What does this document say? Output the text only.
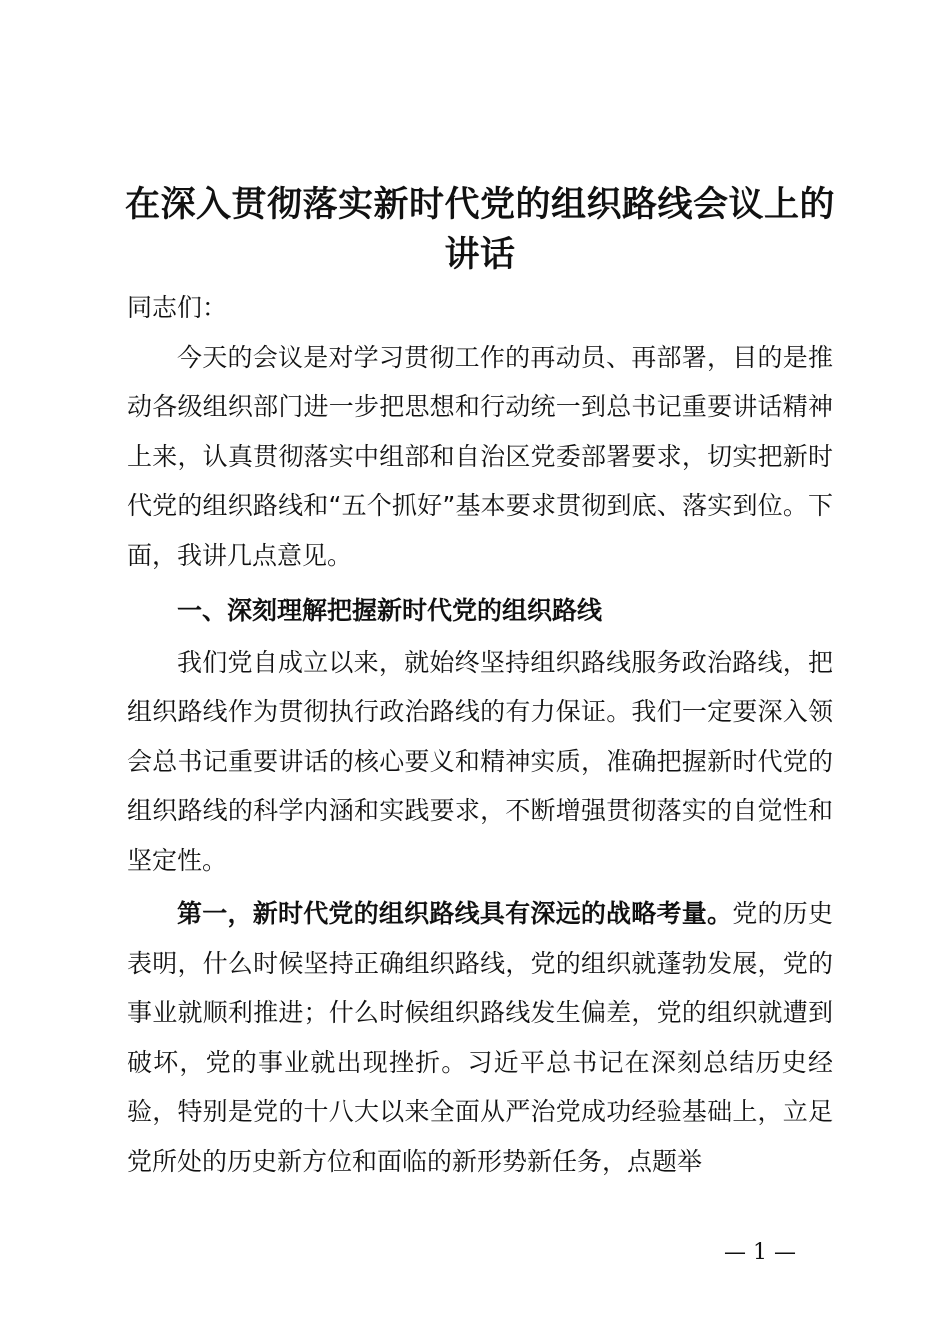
在深入贯彻落实新时代党的组织路线会议上的讲话

同志们：

今天的会议是对学习贯彻工作的再动员、再部署，目的是推动各级组织部门进一步把思想和行动统一到总书记重要讲话精神上来，认真贯彻落实中组部和自治区党委部署要求，切实把新时代党的组织路线和“五个抓好”基本要求贯彻到底、落实到位。下面，我讲几点意见。

一、深刻理解把握新时代党的组织路线

我们党自成立以来，就始终坚持组织路线服务政治路线，把组织路线作为贯彻执行政治路线的有力保证。我们一定要深入领会总书记重要讲话的核心要义和精神实质，准确把握新时代党的组织路线的科学内涵和实践要求，不断增强贯彻落实的自觉性和坚定性。

第一，新时代党的组织路线具有深远的战略考量。党的历史表明，什么时候坚持正确组织路线，党的组织就蓬勃发展，党的事业就顺利推进；什么时候组织路线发生偏差，党的组织就遭到破坏，党的事业就出现挫折。习近平总书记在深刻总结历史经验，特别是党的十八大以来全面从严治党成功经验基础上，立足党所处的历史新方位和面临的新形势新任务，点题举

— 1 —
